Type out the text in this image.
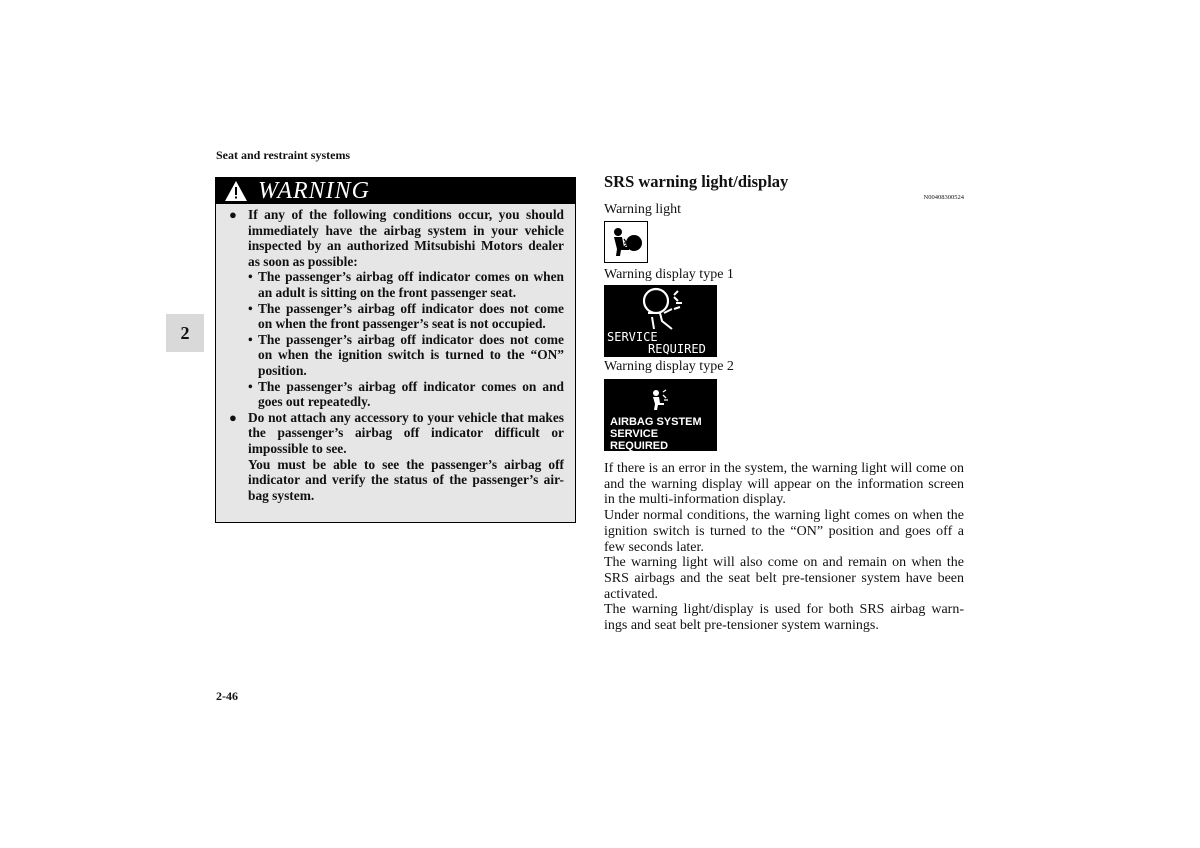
Seat and restraint systems
2
WARNING
● If any of the following conditions occur, you should immediately have the airbag system in your vehicle inspected by an authorized Mitsubishi Motors dealer as soon as possible:
• The passenger’s airbag off indicator comes on when an adult is sitting on the front passenger seat.
• The passenger’s airbag off indicator does not come on when the front passenger’s seat is not occupied.
• The passenger’s airbag off indicator does not come on when the ignition switch is turned to the “ON” position.
• The passenger’s airbag off indicator comes on and goes out repeatedly.
● Do not attach any accessory to your vehicle that makes the passenger’s airbag off indicator difficult or impossible to see.
You must be able to see the passenger’s airbag off indicator and verify the status of the passenger’s air-bag system.
SRS warning light/display
N00408300524
Warning light
Warning display type 1
SERVICE
REQUIRED
Warning display type 2
AIRBAG SYSTEM
SERVICE REQUIRED
If there is an error in the system, the warning light will come on and the warning display will appear on the information screen in the multi-information display.
Under normal conditions, the warning light comes on when the ignition switch is turned to the “ON” position and goes off a few seconds later.
The warning light will also come on and remain on when the SRS airbags and the seat belt pre-tensioner system have been activated.
The warning light/display is used for both SRS airbag warn-ings and seat belt pre-tensioner system warnings.
2-46
